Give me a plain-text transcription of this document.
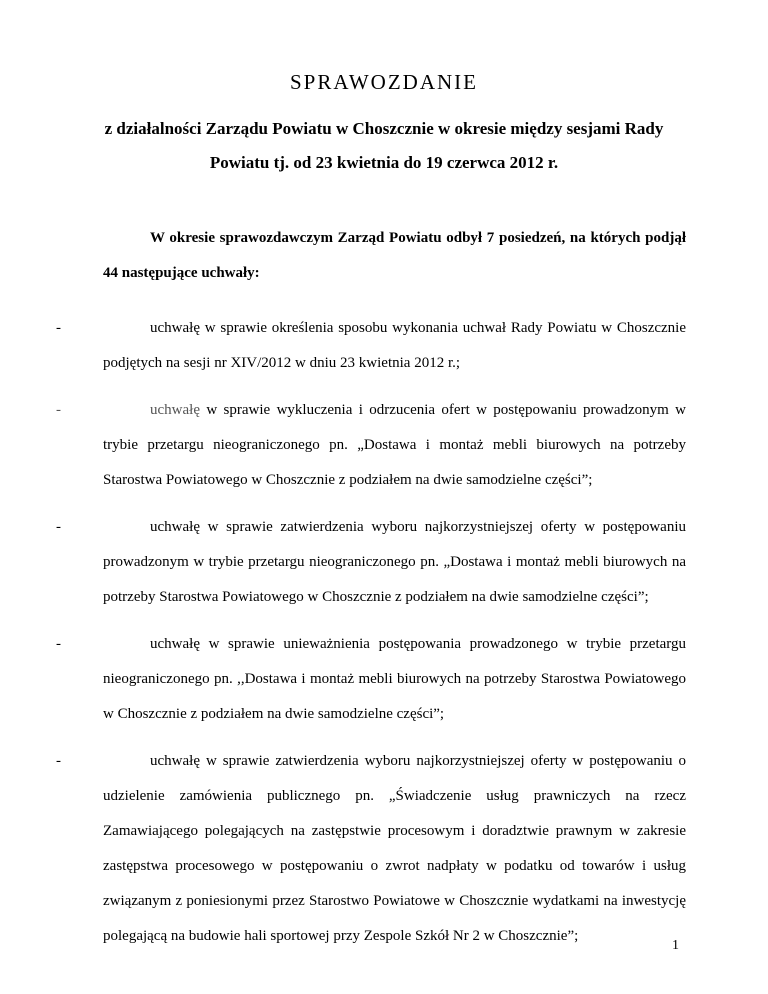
SPRAWOZDANIE
z działalności Zarządu Powiatu w Choszcznie w okresie między sesjami Rady Powiatu tj. od 23 kwietnia do 19 czerwca 2012 r.
W okresie sprawozdawczym Zarząd Powiatu odbył 7 posiedzeń, na których podjął 44 następujące uchwały:
-	uchwałę w sprawie określenia sposobu wykonania uchwał Rady Powiatu w Choszcznie podjętych na sesji nr XIV/2012 w dniu 23 kwietnia 2012 r.;
-	uchwałę w sprawie wykluczenia i odrzucenia ofert w postępowaniu prowadzonym w trybie przetargu nieograniczonego pn. „Dostawa i montaż mebli biurowych na potrzeby Starostwa Powiatowego w Choszcznie z podziałem na dwie samodzielne części”;
-	uchwałę w sprawie zatwierdzenia wyboru najkorzystniejszej oferty w postępowaniu prowadzonym w trybie przetargu nieograniczonego pn. „Dostawa i montaż mebli biurowych na potrzeby Starostwa Powiatowego w Choszcznie z podziałem na dwie samodzielne części”;
-	uchwałę w sprawie unieważnienia postępowania prowadzonego w trybie przetargu nieograniczonego pn. ,,Dostawa i montaż mebli biurowych na potrzeby Starostwa Powiatowego w Choszcznie z podziałem na dwie samodzielne części”;
-	uchwałę w sprawie zatwierdzenia wyboru najkorzystniejszej oferty w postępowaniu o udzielenie zamówienia publicznego pn. „Świadczenie usług prawniczych na rzecz Zamawiającego polegających na zastępstwie procesowym i doradztwie prawnym w zakresie zastępstwa procesowego w postępowaniu o zwrot nadpłaty w podatku od towarów i usług związanym z poniesionymi przez Starostwo Powiatowe w Choszcznie wydatkami na inwestycję polegającą na budowie hali sportowej przy Zespole Szkół Nr 2 w Choszcznie”;
1
